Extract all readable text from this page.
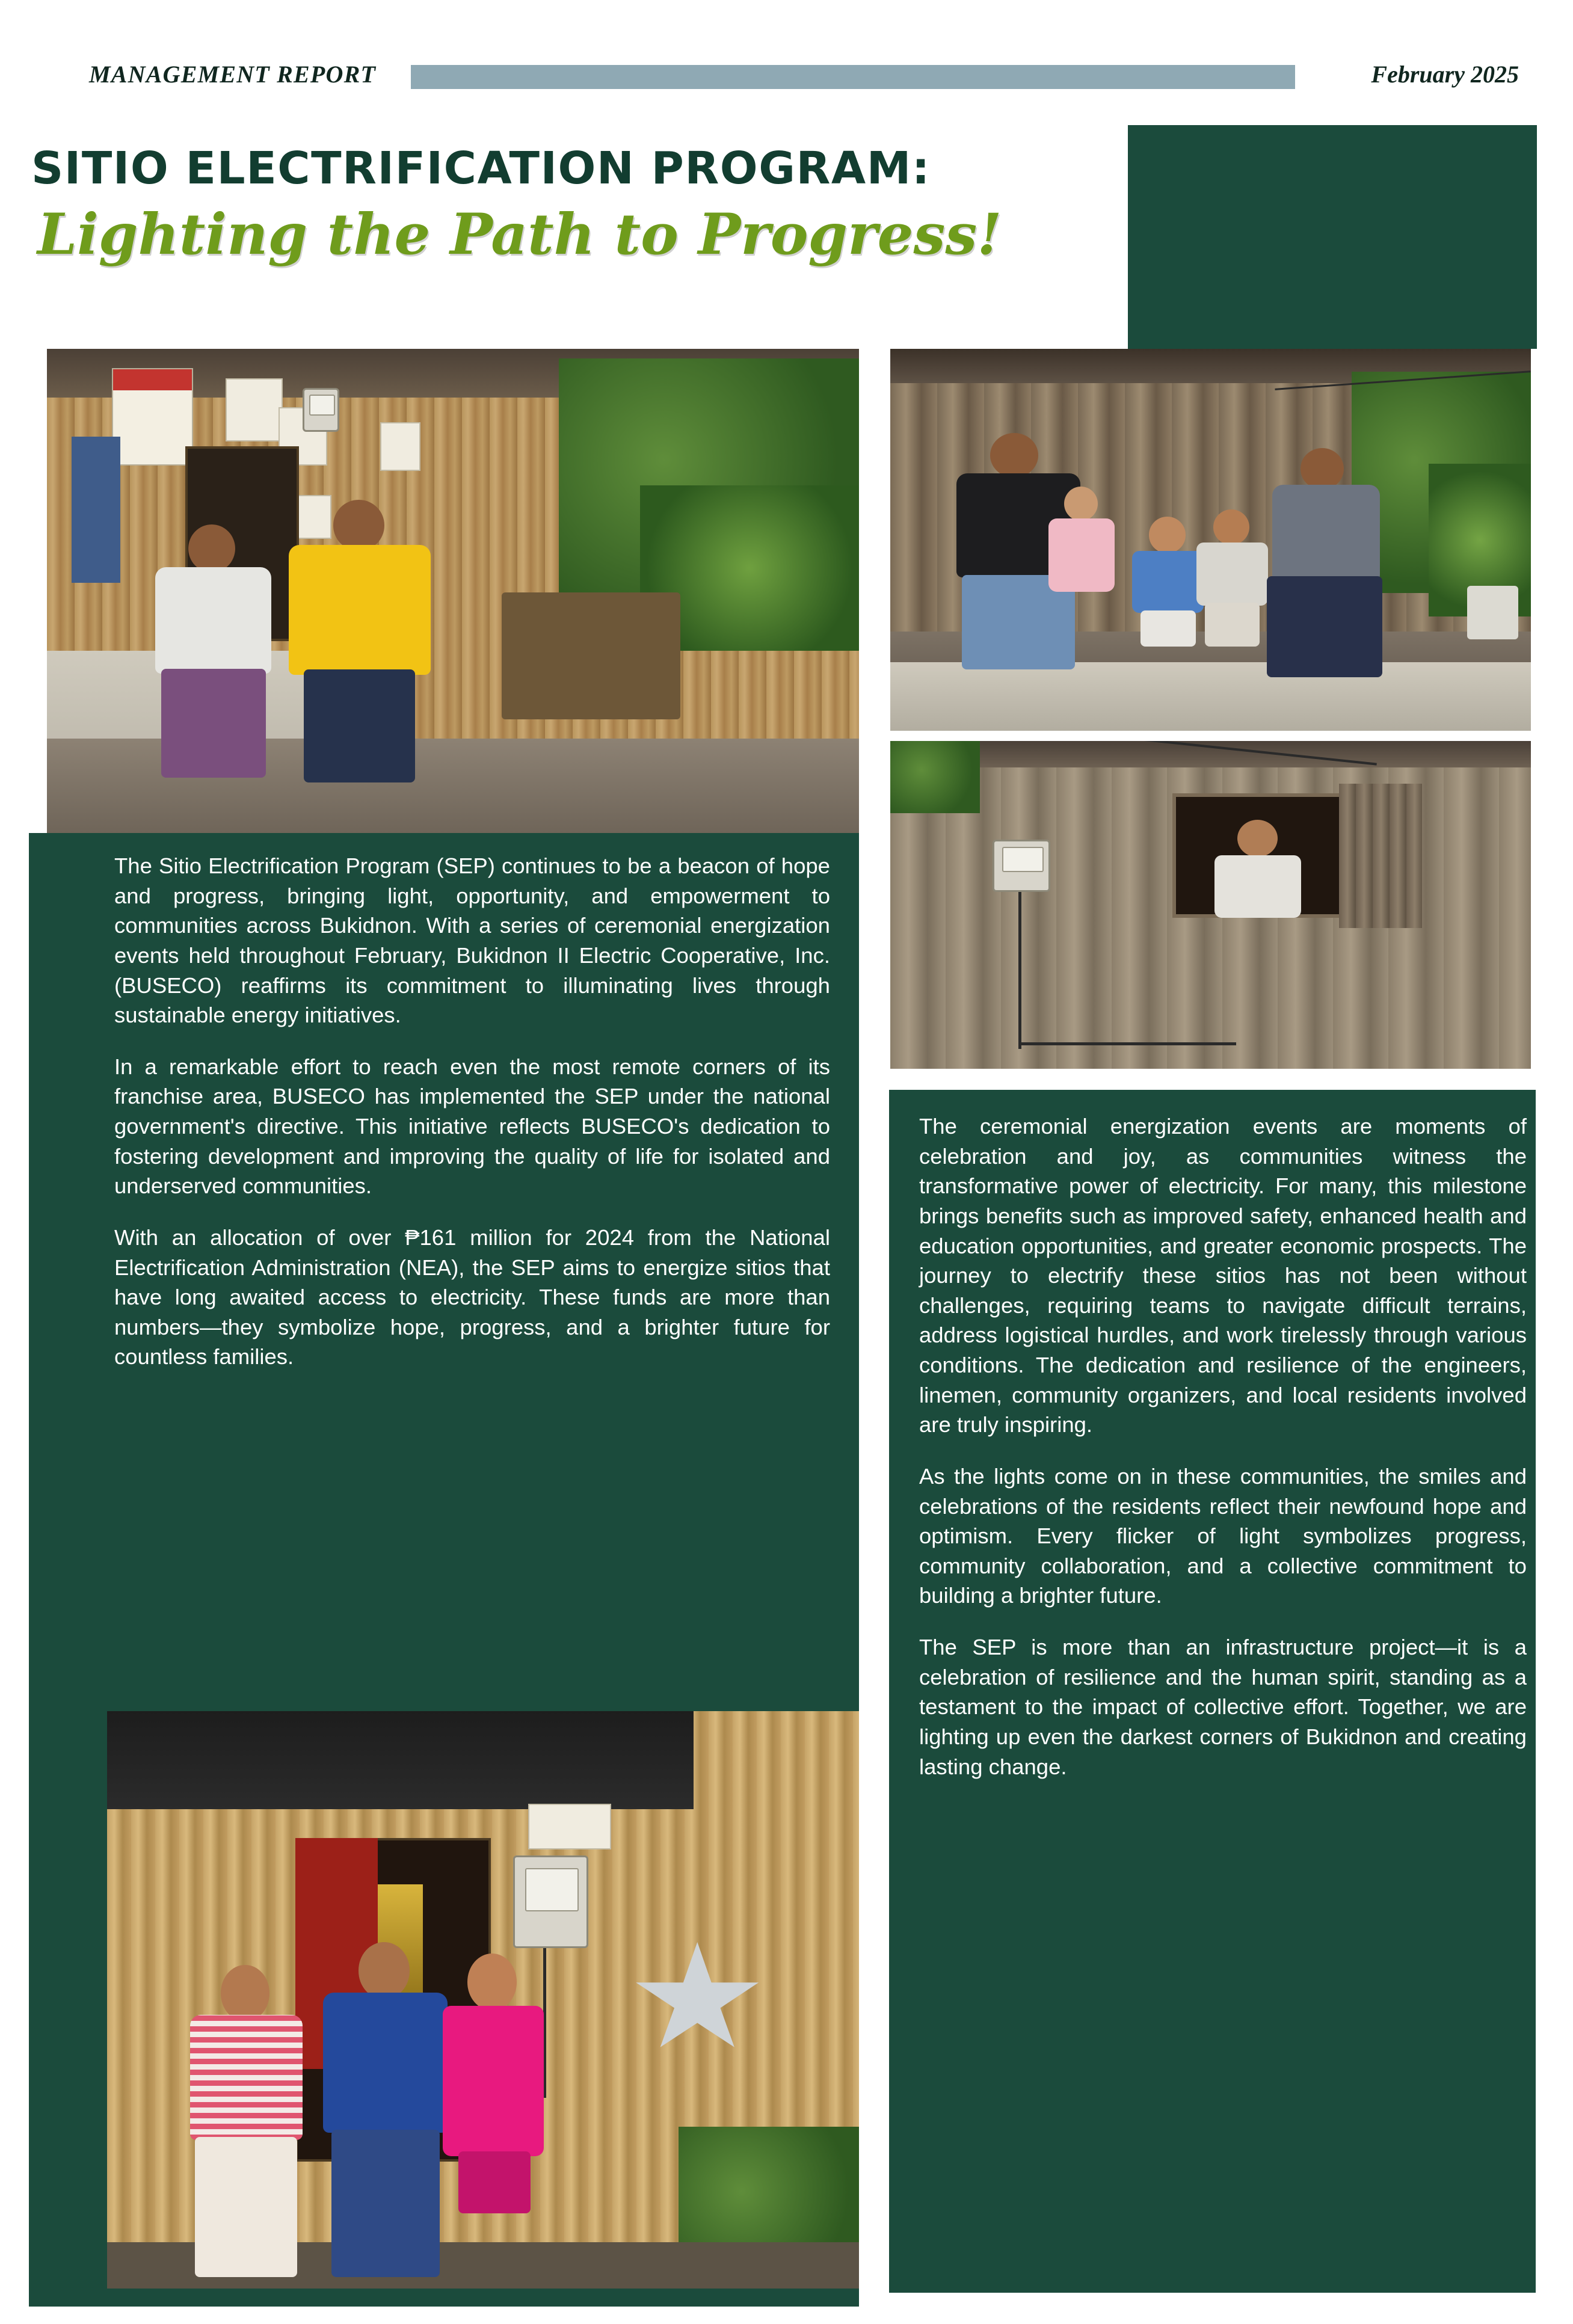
MANAGEMENT REPORT	February 2025
SITIO ELECTRIFICATION PROGRAM:
Lighting the Path to Progress!

The Sitio Electrification Program (SEP) continues to be a beacon of hope and progress, bringing light, opportunity, and empowerment to communities across Bukidnon. With a series of ceremonial energization events held throughout February, Bukidnon II Electric Cooperative, Inc. (BUSECO) reaffirms its commitment to illuminating lives through sustainable energy initiatives.

In a remarkable effort to reach even the most remote corners of its franchise area, BUSECO has implemented the SEP under the national government's directive. This initiative reflects BUSECO's dedication to fostering development and improving the quality of life for isolated and underserved communities.

With an allocation of over ₱161 million for 2024 from the National Electrification Administration (NEA), the SEP aims to energize sitios that have long awaited access to electricity. These funds are more than numbers—they symbolize hope, progress, and a brighter future for countless families.

The ceremonial energization events are moments of celebration and joy, as communities witness the transformative power of electricity. For many, this milestone brings benefits such as improved safety, enhanced health and education opportunities, and greater economic prospects. The journey to electrify these sitios has not been without challenges, requiring teams to navigate difficult terrains, address logistical hurdles, and work tirelessly through various conditions. The dedication and resilience of the engineers, linemen, community organizers, and local residents involved are truly inspiring.

As the lights come on in these communities, the smiles and celebrations of the residents reflect their newfound hope and optimism. Every flicker of light symbolizes progress, community collaboration, and a collective commitment to building a brighter future.

The SEP is more than an infrastructure project—it is a celebration of resilience and the human spirit, standing as a testament to the impact of collective effort. Together, we are lighting up even the darkest corners of Bukidnon and creating lasting change.
